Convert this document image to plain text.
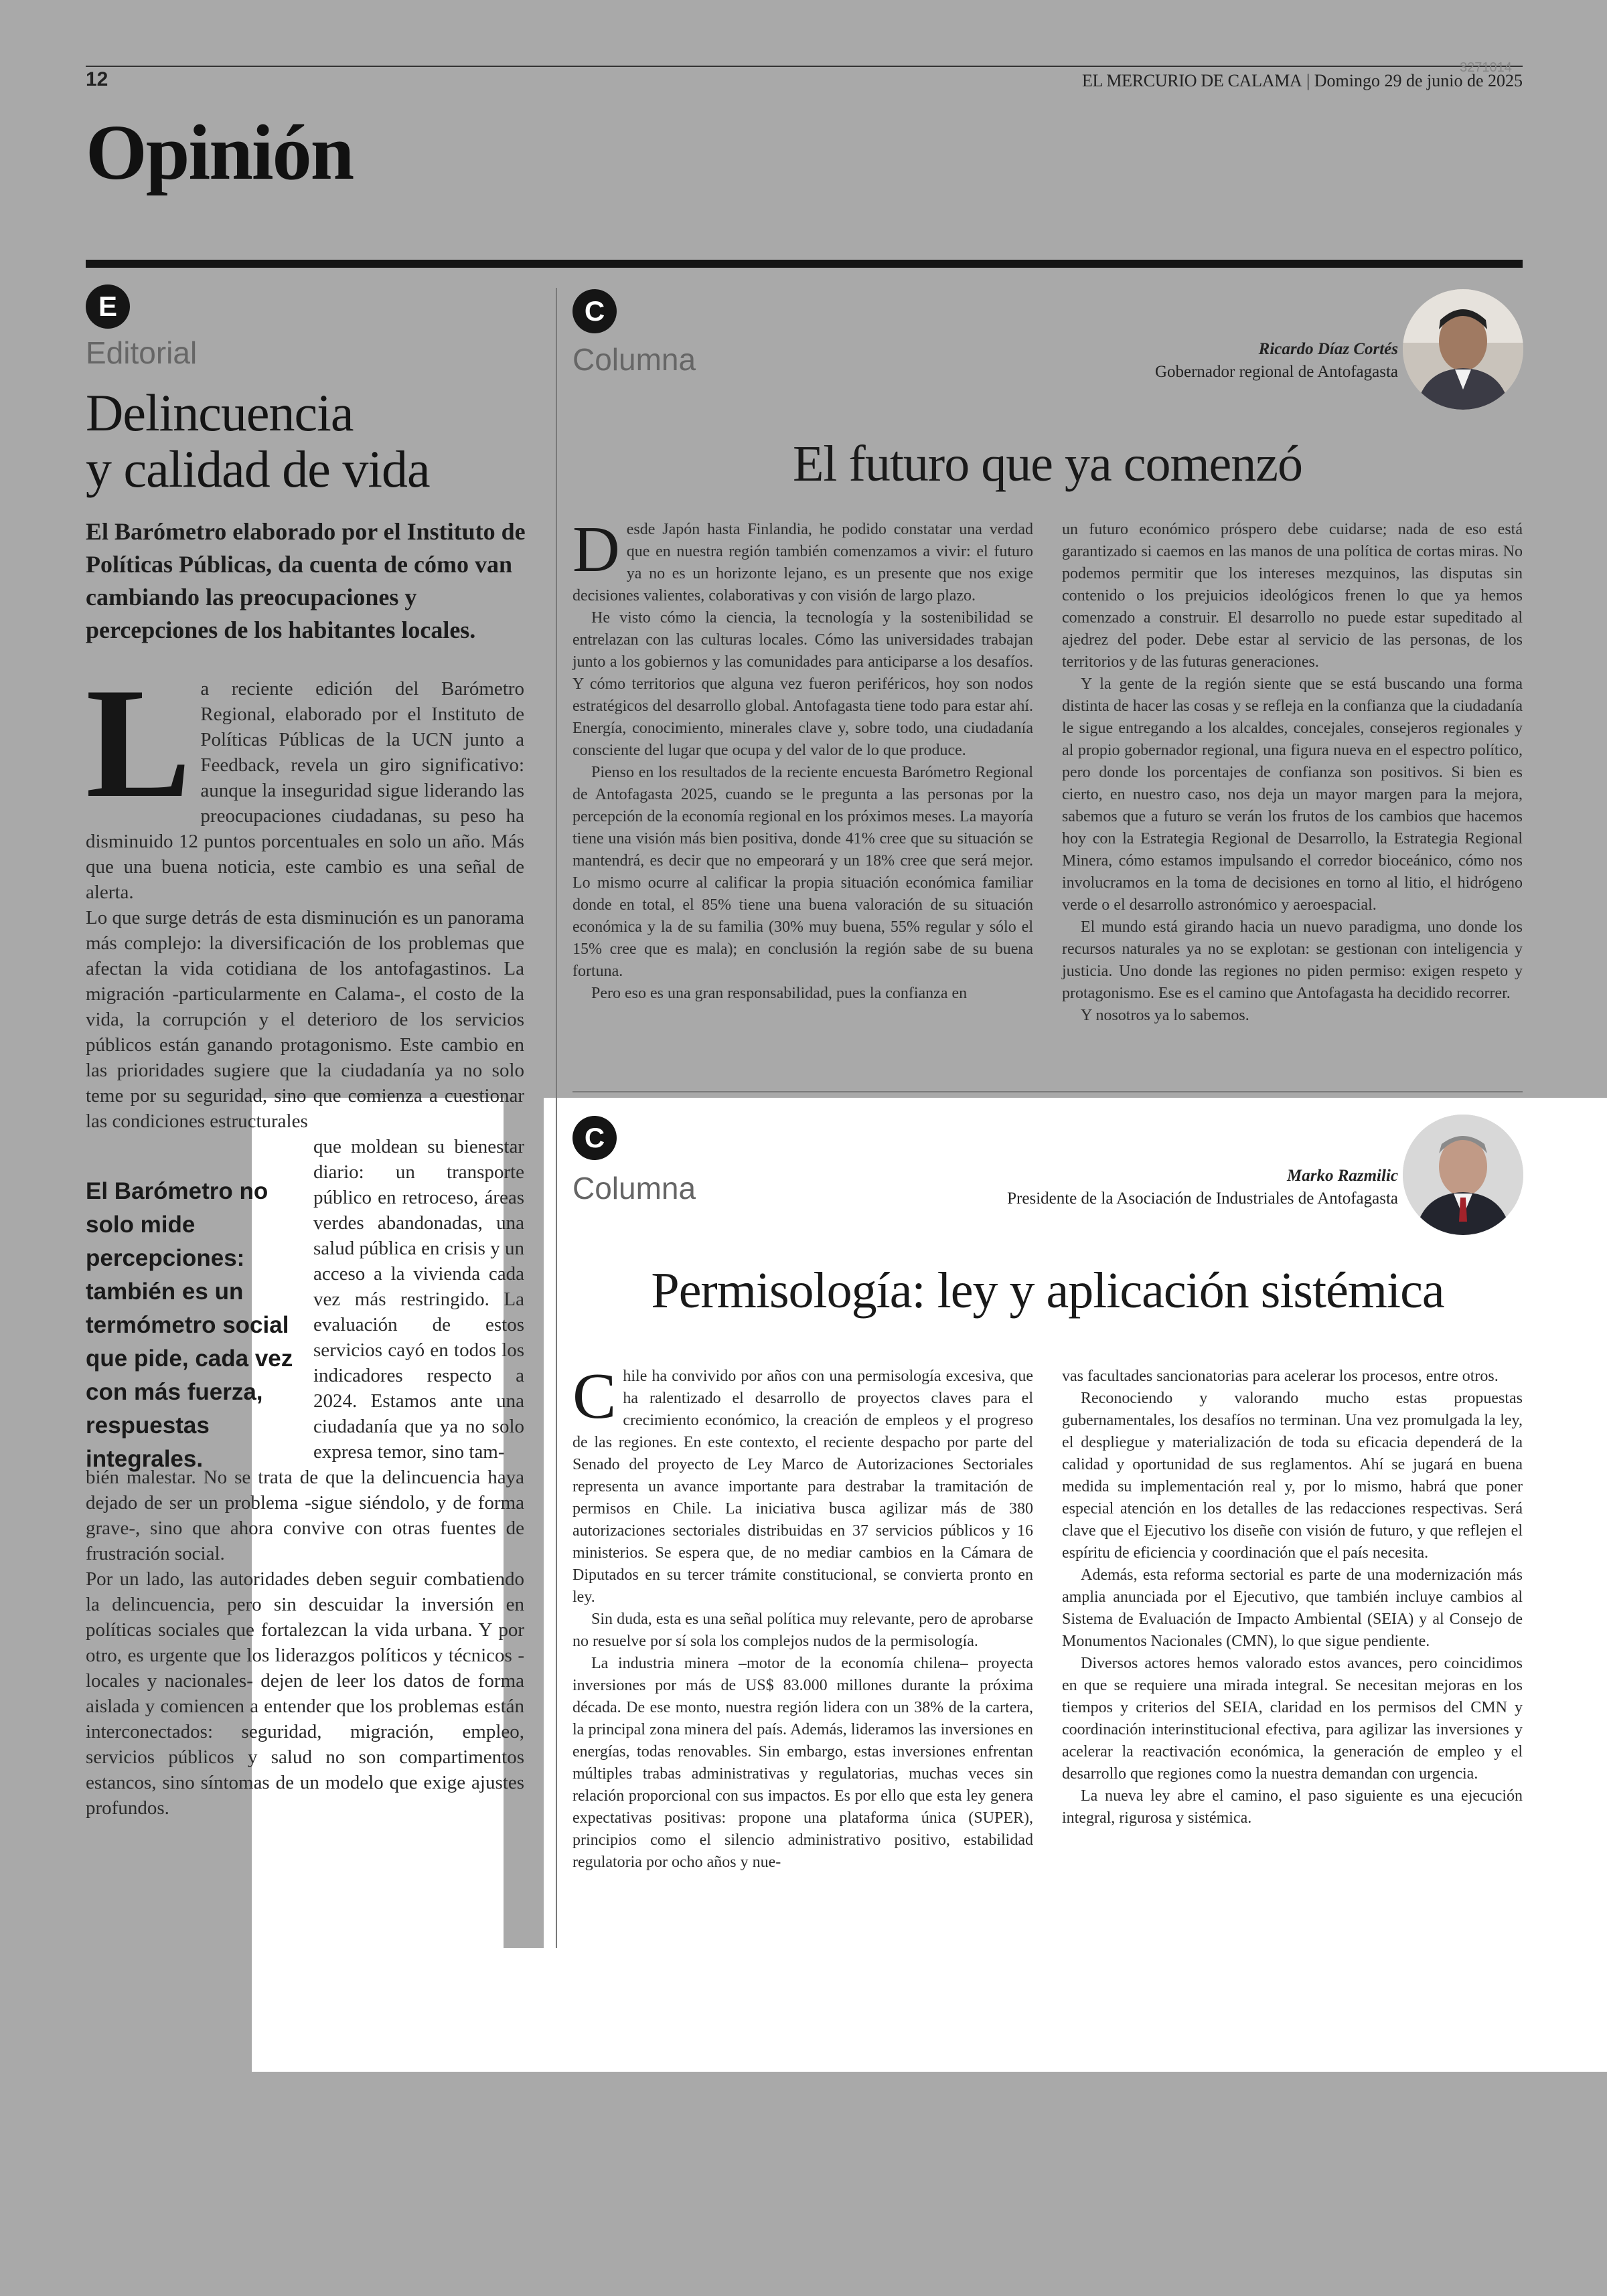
12
3271014
EL MERCURIO DE CALAMA | Domingo 29 de junio de 2025
Opinión
E
Editorial
Delincuencia
y calidad de vida
El Barómetro elaborado por el Instituto de Políticas Públicas, da cuenta de cómo van cambiando las preocupaciones y percepciones de los habitantes locales.

La reciente edición del Barómetro Regional, elaborado por el Instituto de Políticas Públicas de la UCN junto a Feedback, revela un giro significativo: aunque la inseguridad sigue liderando las preocupaciones ciudadanas, su peso ha disminuido 12 puntos porcentuales en solo un año. Más que una buena noticia, este cambio es una señal de alerta.

Lo que surge detrás de esta disminución es un panorama más complejo: la diversificación de los problemas que afectan la vida cotidiana de los antofagastinos. La migración -particularmente en Calama-, el costo de la vida, la corrupción y el deterioro de los servicios públicos están ganando protagonismo. Este cambio en las prioridades sugiere que la ciudadanía ya no solo teme por su seguridad, sino que comienza a cuestionar las condiciones estructurales

que moldean su bienestar diario: un transporte público en retroceso, áreas verdes abandonadas, una salud pública en crisis y un acceso a la vivienda cada vez más restringido. La evaluación de estos servicios cayó en todos los indicadores respecto a 2024. Estamos ante una ciudadanía que ya no solo expresa temor, sino tam-

bién malestar. No se trata de que la delincuencia haya dejado de ser un problema -sigue siéndolo, y de forma grave-, sino que ahora convive con otras fuentes de frustración social.

Por un lado, las autoridades deben seguir combatiendo la delincuencia, pero sin descuidar la inversión en políticas sociales que fortalezcan la vida urbana. Y por otro, es urgente que los liderazgos políticos y técnicos -locales y nacionales- dejen de leer los datos de forma aislada y comiencen a entender que los problemas están interconectados: seguridad, migración, empleo, servicios públicos y salud no son compartimentos estancos, sino síntomas de un modelo que exige ajustes profundos.

El Barómetro no solo mide percepciones: también es un termómetro social que pide, cada vez con más fuerza, respuestas integrales.
C
Columna	Ricardo Díaz Cortés
Gobernador regional de Antofagasta
El futuro que ya comenzó

Desde Japón hasta Finlandia, he podido constatar una verdad que en nuestra región también comenzamos a vivir: el futuro ya no es un horizonte lejano, es un presente que nos exige decisiones valientes, colaborativas y con visión de largo plazo.

He visto cómo la ciencia, la tecnología y la sostenibilidad se entrelazan con las culturas locales. Cómo las universidades trabajan junto a los gobiernos y las comunidades para anticiparse a los desafíos. Y cómo territorios que alguna vez fueron periféricos, hoy son nodos estratégicos del desarrollo global. Antofagasta tiene todo para estar ahí. Energía, conocimiento, minerales clave y, sobre todo, una ciudadanía consciente del lugar que ocupa y del valor de lo que produce.

Pienso en los resultados de la reciente encuesta Barómetro Regional de Antofagasta 2025, cuando se le pregunta a las personas por la percepción de la economía regional en los próximos meses. La mayoría tiene una visión más bien positiva, donde 41% cree que su situación se mantendrá, es decir que no empeorará y un 18% cree que será mejor. Lo mismo ocurre al calificar la propia situación económica familiar donde en total, el 85% tiene una buena valoración de su situación económica y la de su familia (30% muy buena, 55% regular y sólo el 15% cree que es mala); en conclusión la región sabe de su buena fortuna.

Pero eso es una gran responsabilidad, pues la confianza en

un futuro económico próspero debe cuidarse; nada de eso está garantizado si caemos en las manos de una política de cortas miras. No podemos permitir que los intereses mezquinos, las disputas sin contenido o los prejuicios ideológicos frenen lo que ya hemos comenzado a construir. El desarrollo no puede estar supeditado al ajedrez del poder. Debe estar al servicio de las personas, de los territorios y de las futuras generaciones.

Y la gente de la región siente que se está buscando una forma distinta de hacer las cosas y se refleja en la confianza que la ciudadanía le sigue entregando a los alcaldes, concejales, consejeros regionales y al propio gobernador regional, una figura nueva en el espectro político, pero donde los porcentajes de confianza son positivos. Si bien es cierto, en nuestro caso, nos deja un mayor margen para la mejora, sabemos que a futuro se verán los frutos de los cambios que hacemos hoy con la Estrategia Regional de Desarrollo, la Estrategia Regional Minera, cómo estamos impulsando el corredor bioceánico, cómo nos involucramos en la toma de decisiones en torno al litio, el hidrógeno verde o el desarrollo astronómico y aeroespacial.

El mundo está girando hacia un nuevo paradigma, uno donde los recursos naturales ya no se explotan: se gestionan con inteligencia y justicia. Uno donde las regiones no piden permiso: exigen respeto y protagonismo. Ese es el camino que Antofagasta ha decidido recorrer.

Y nosotros ya lo sabemos.

C
Columna	Marko Razmilic
Presidente de la Asociación de Industriales de Antofagasta
Permisología: ley y aplicación sistémica

Chile ha convivido por años con una permisología excesiva, que ha ralentizado el desarrollo de proyectos claves para el crecimiento económico, la creación de empleos y el progreso de las regiones. En este contexto, el reciente despacho por parte del Senado del proyecto de Ley Marco de Autorizaciones Sectoriales representa un avance importante para destrabar la tramitación de permisos en Chile. La iniciativa busca agilizar más de 380 autorizaciones sectoriales distribuidas en 37 servicios públicos y 16 ministerios. Se espera que, de no mediar cambios en la Cámara de Diputados en su tercer trámite constitucional, se convierta pronto en ley.

Sin duda, esta es una señal política muy relevante, pero de aprobarse no resuelve por sí sola los complejos nudos de la permisología.

La industria minera –motor de la economía chilena– proyecta inversiones por más de US$ 83.000 millones durante la próxima década. De ese monto, nuestra región lidera con un 38% de la cartera, la principal zona minera del país. Además, lideramos las inversiones en energías, todas renovables. Sin embargo, estas inversiones enfrentan múltiples trabas administrativas y regulatorias, muchas veces sin relación proporcional con sus impactos. Es por ello que esta ley genera expectativas positivas: propone una plataforma única (SUPER), principios como el silencio administrativo positivo, estabilidad regulatoria por ocho años y nue-

vas facultades sancionatorias para acelerar los procesos, entre otros.

Reconociendo y valorando mucho estas propuestas gubernamentales, los desafíos no terminan. Una vez promulgada la ley, el despliegue y materialización de toda su eficacia dependerá de la calidad y oportunidad de sus reglamentos. Ahí se jugará en buena medida su implementación real y, por lo mismo, habrá que poner especial atención en los detalles de las redacciones respectivas. Será clave que el Ejecutivo los diseñe con visión de futuro, y que reflejen el espíritu de eficiencia y coordinación que el país necesita.

Además, esta reforma sectorial es parte de una modernización más amplia anunciada por el Ejecutivo, que también incluye cambios al Sistema de Evaluación de Impacto Ambiental (SEIA) y al Consejo de Monumentos Nacionales (CMN), lo que sigue pendiente.

Diversos actores hemos valorado estos avances, pero coincidimos en que se requiere una mirada integral. Se necesitan mejoras en los tiempos y criterios del SEIA, claridad en los permisos del CMN y coordinación interinstitucional efectiva, para agilizar las inversiones y acelerar la reactivación económica, la generación de empleo y el desarrollo que regiones como la nuestra demandan con urgencia.

La nueva ley abre el camino, el paso siguiente es una ejecución integral, rigurosa y sistémica.
